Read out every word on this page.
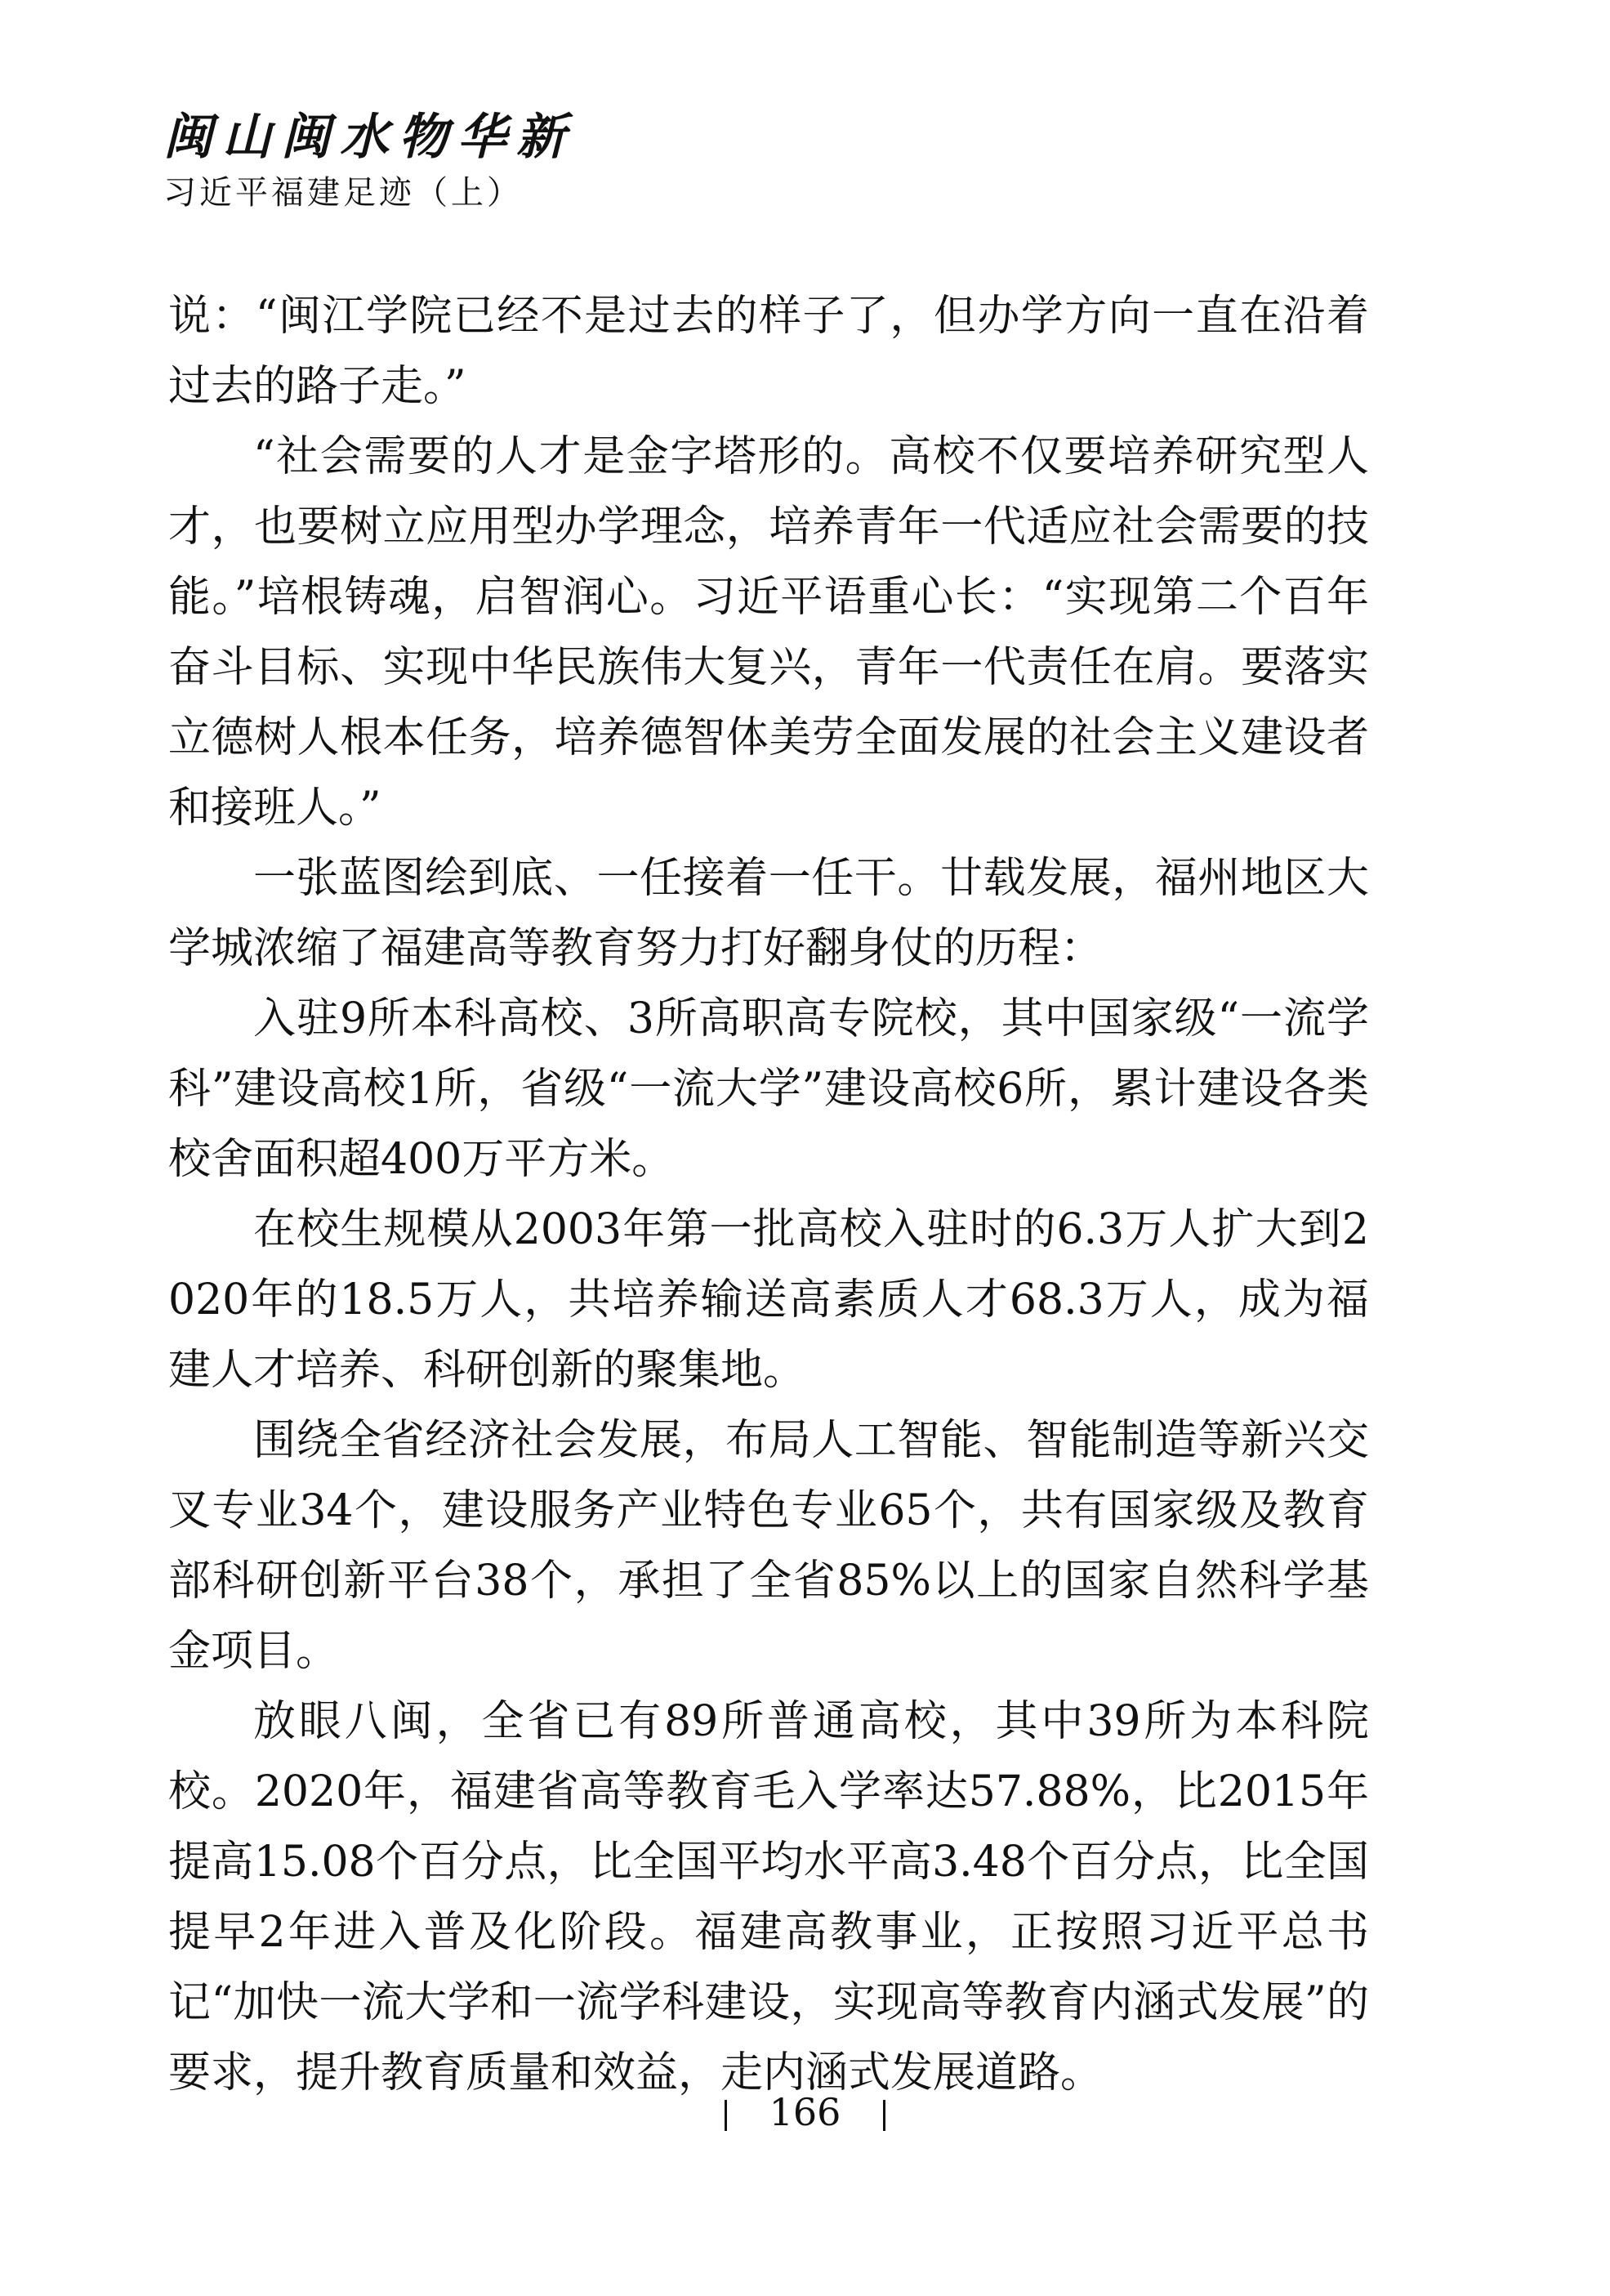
闽山闽水物华新
习近平福建足迹（上）

说：“闽江学院已经不是过去的样子了，但办学方向一直在沿着过去的路子走。”

“社会需要的人才是金字塔形的。高校不仅要培养研究型人才，也要树立应用型办学理念，培养青年一代适应社会需要的技能。”培根铸魂，启智润心。习近平语重心长：“实现第二个百年奋斗目标、实现中华民族伟大复兴，青年一代责任在肩。要落实立德树人根本任务，培养德智体美劳全面发展的社会主义建设者和接班人。”

一张蓝图绘到底、一任接着一任干。廿载发展，福州地区大学城浓缩了福建高等教育努力打好翻身仗的历程：

入驻9所本科高校、3所高职高专院校，其中国家级“一流学科”建设高校1所，省级“一流大学”建设高校6所，累计建设各类校舍面积超400万平方米。

在校生规模从2003年第一批高校入驻时的6.3万人扩大到2020年的18.5万人，共培养输送高素质人才68.3万人，成为福建人才培养、科研创新的聚集地。

围绕全省经济社会发展，布局人工智能、智能制造等新兴交叉专业34个，建设服务产业特色专业65个，共有国家级及教育部科研创新平台38个，承担了全省85%以上的国家自然科学基金项目。

放眼八闽，全省已有89所普通高校，其中39所为本科院校。2020年，福建省高等教育毛入学率达57.88%，比2015年提高15.08个百分点，比全国平均水平高3.48个百分点，比全国提早2年进入普及化阶段。福建高教事业，正按照习近平总书记“加快一流大学和一流学科建设，实现高等教育内涵式发展”的要求，提升教育质量和效益，走内涵式发展道路。

166
